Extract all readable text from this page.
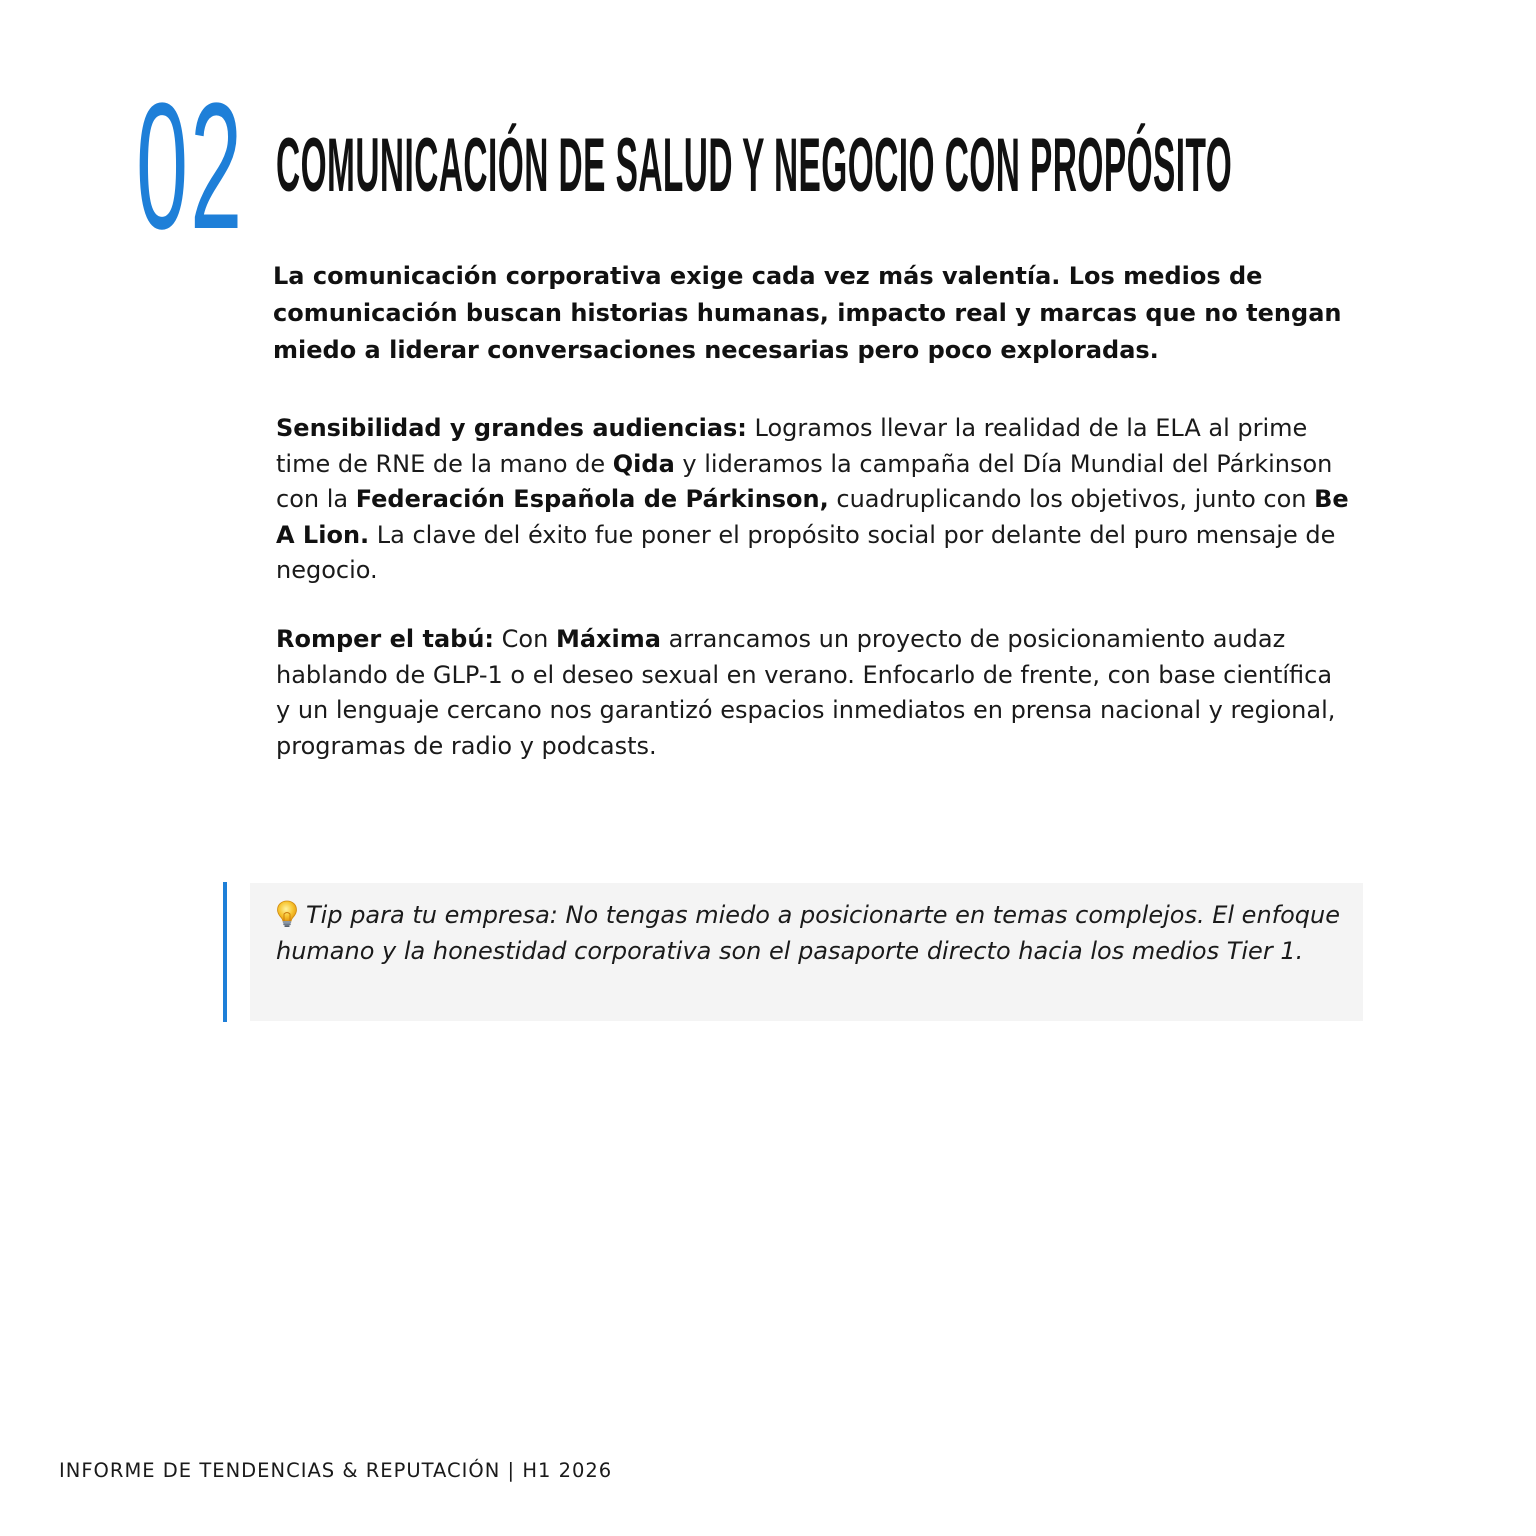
02 COMUNICACIÓN DE SALUD Y NEGOCIO CON PROPÓSITO

La comunicación corporativa exige cada vez más valentía. Los medios de comunicación buscan historias humanas, impacto real y marcas que no tengan miedo a liderar conversaciones necesarias pero poco exploradas.

Sensibilidad y grandes audiencias: Logramos llevar la realidad de la ELA al prime time de RNE de la mano de Qida y lideramos la campaña del Día Mundial del Párkinson con la Federación Española de Párkinson, cuadruplicando los objetivos, junto con Be A Lion. La clave del éxito fue poner el propósito social por delante del puro mensaje de negocio.

Romper el tabú: Con Máxima arrancamos un proyecto de posicionamiento audaz hablando de GLP-1 o el deseo sexual en verano. Enfocarlo de frente, con base científica y un lenguaje cercano nos garantizó espacios inmediatos en prensa nacional y regional, programas de radio y podcasts.

Tip para tu empresa: No tengas miedo a posicionarte en temas complejos. El enfoque humano y la honestidad corporativa son el pasaporte directo hacia los medios Tier 1.

INFORME DE TENDENCIAS & REPUTACIÓN | H1 2026
